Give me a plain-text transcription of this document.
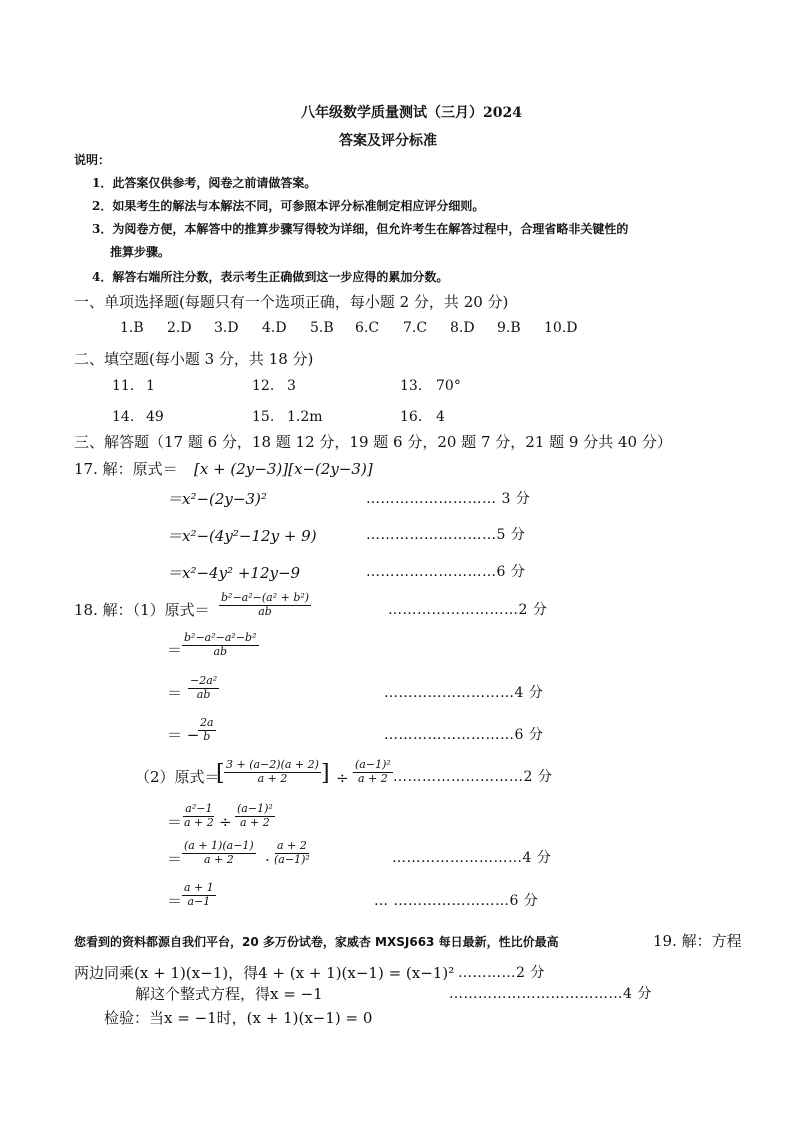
八年级数学质量测试（三月）2024
答案及评分标准
说明：
1．此答案仅供参考，阅卷之前请做答案。
2．如果考生的解法与本解法不同，可参照本评分标准制定相应评分细则。
3．为阅卷方便，本解答中的推算步骤写得较为详细，但允许考生在解答过程中，合理省略非关键性的
推算步骤。
4．解答右端所注分数，表示考生正确做到这一步应得的累加分数。
一、单项选择题(每题只有一个选项正确，每小题 2 分，共 20 分)
1.B 2.D 3.D 4.D 5.B 6.C 7.C 8.D 9.B 10.D
二、填空题(每小题 3 分，共 18 分)
11. 1	12. 3	13. 70°
14. 49	15. 1.2m	16. 4
三、解答题（17 题 6 分，18 题 12 分，19 题 6 分，20 题 7 分，21 题 9 分共 40 分）
17. 解：原式＝ [x + (2y−3)][x−(2y−3)]
＝x²−(2y−3)²	……………………… 3 分
＝x²−(4y²−12y + 9)	………………………5 分
＝x²−4y² +12y−9	………………………6 分
18. 解：（1）原式＝ $\frac{\text{b²−a²−(a² + b²)}}{ab}$	………………………2 分
＝ $\frac{\text{b²−a²−a²−b²}}{ab}$
＝ $\frac{\text{−2a²}}{ab}$	………………………4 分
＝ −
$\frac{2a}{b}$	………………………6 分
（2）原式＝
[ $\frac{3 + (a-2)(a + 2)}{a + 2}$ ] ÷ $\frac{\text{(a−1)²}}{a + 2}$ ………………………2 分
＝ $\frac{\text{a²−1}}{a + 2} \div \frac{\text{(a−1)²}}{a + 2}$
＝ $\frac{(a + 1)(a-1)}{a + 2} \cdot \frac{a + 2}{\text{(a−1)²}}$	………………………4 分
＝ $\frac{a + 1}{a-1}$	… ……………………6 分
您看到的资料都源自我们平台，20 多万份试卷，家威杏 MXSJ663 每日最新，性比价最高	19. 解：方程
两边同乘(x + 1)(x−1)，得4 + (x + 1)(x−1) = (x−1)² …………2 分
解这个整式方程，得x = −1	………………………………4 分
检验：当x = −1时，(x + 1)(x−1) = 0
